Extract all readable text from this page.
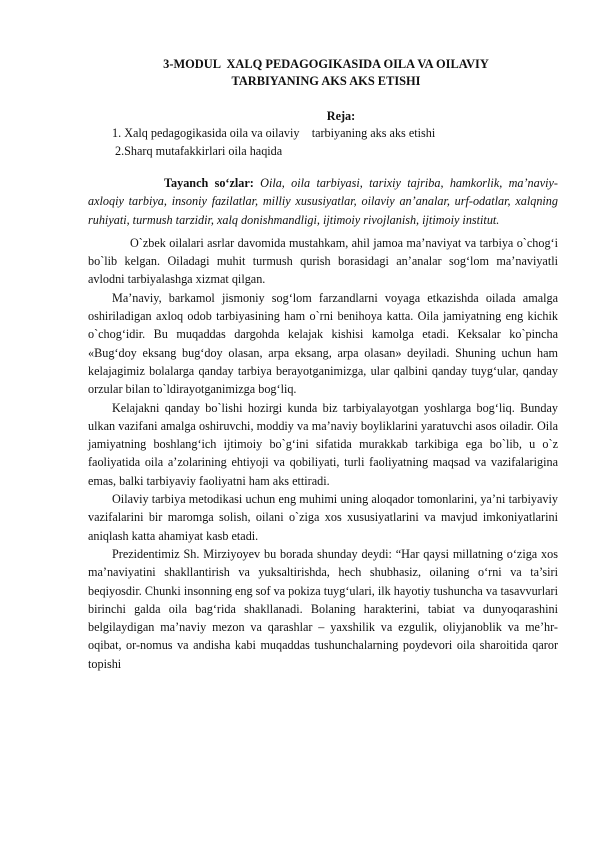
3-MODUL  XALQ PEDAGOGIKASIDA OILA VA OILAVIY
TARBIYANING AKS AKS ETISHI

Reja:

1. Xalq pedagogikasida oila va oilaviy    tarbiyaning aks aks etishi
2.Sharq mutafakkirlari oila haqida

Tayanch so‘zlar: Oila, oila tarbiyasi, tarixiy tajriba, hamkorlik, ma’naviy-axloqiy tarbiya, insoniy fazilatlar, milliy xususiyatlar, oilaviy an’analar, urf-odatlar, xalqning ruhiyati, turmush tarzidir, xalq donishmandligi, ijtimoiy rivojlanish, ijtimoiy institut.

O`zbek oilalari asrlar davomida mustahkam, ahil jamoa ma’naviyat va tarbiya o`chog‘i bo`lib kelgan. Oiladagi muhit turmush qurish borasidagi an’analar sog‘lom ma’naviyatli avlodni tarbiyalashga xizmat qilgan.

Ma’naviy, barkamol jismoniy sog‘lom farzandlarni voyaga etkazishda oilada amalga oshiriladigan axloq odob tarbiyasining ham o`rni benihoya katta. Oila jamiyatning eng kichik o`chog‘idir. Bu muqaddas dargohda kelajak kishisi kamolga etadi. Keksalar ko`pincha «Bug‘doy eksang bug‘doy olasan, arpa eksang, arpa olasan» deyiladi. Shuning uchun ham kelajagimiz bolalarga qanday tarbiya berayotganimizga, ular qalbini qanday tuyg‘ular, qanday orzular bilan to`ldirayotganimizga bog‘liq.

Kelajakni qanday bo`lishi hozirgi kunda biz tarbiyalayotgan yoshlarga bog‘liq. Bunday ulkan vazifani amalga oshiruvchi, moddiy va ma’naviy boyliklarini yaratuvchi asos oiladir. Oila jamiyatning boshlang‘ich ijtimoiy bo`g‘ini sifatida murakkab tarkibiga ega bo`lib, u o`z faoliyatida oila a’zolarining ehtiyoji va qobiliyati, turli faoliyatning maqsad va vazifalarigina emas, balki tarbiyaviy faoliyatni ham aks ettiradi.

Oilaviy tarbiya metodikasi uchun eng muhimi uning aloqador tomonlarini, ya’ni tarbiyaviy vazifalarini bir maromga solish, oilani o`ziga xos xususiyatlarini va mavjud imkoniyatlarini aniqlash katta ahamiyat kasb etadi.

Prezidentimiz Sh. Mirziyoyev bu borada shunday deydi: “Har qaysi millatning o‘ziga xos ma’naviyatini shakllantirish va yuksaltirishda, hech shubhasiz, oilaning o‘rni va ta’siri beqiyosdir. Chunki insonning eng sof va pokiza tuyg‘ulari, ilk hayotiy tushuncha va tasavvurlari birinchi galda oila bag‘rida shakllanadi. Bolaning harakterini, tabiat va dunyoqarashini belgilaydigan ma’naviy mezon va qarashlar – yaxshilik va ezgulik, oliyjanoblik va me’hr-oqibat, or-nomus va andisha kabi muqaddas tushunchalarning poydevori oila sharoitida qaror topishi
